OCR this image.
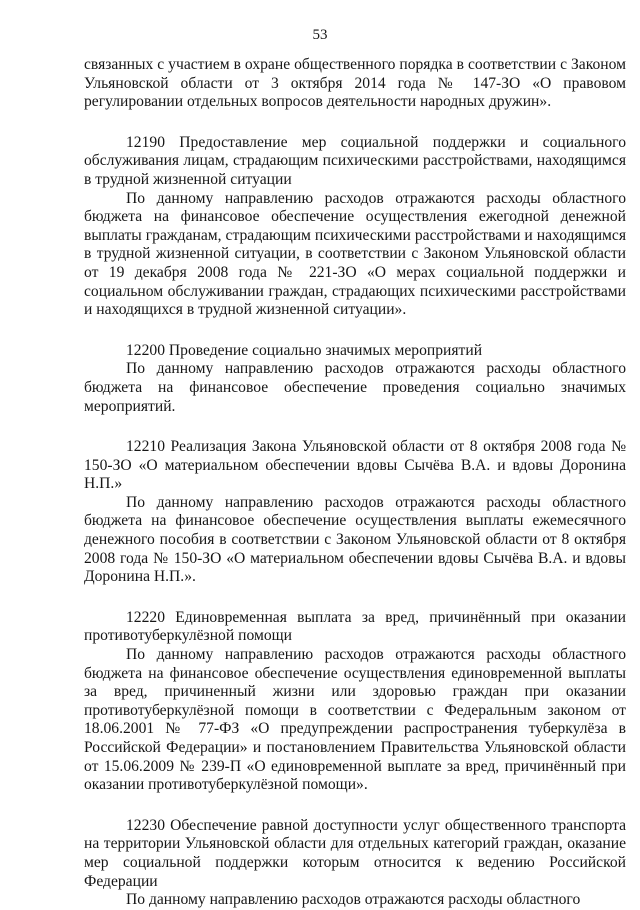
53

связанных с участием в охране общественного порядка в соответствии с Законом Ульяновской области от 3 октября 2014 года № 147-ЗО «О правовом регулировании отдельных вопросов деятельности народных дружин».

12190 Предоставление мер социальной поддержки и социального обслуживания лицам, страдающим психическими расстройствами, находящимся в трудной жизненной ситуации

По данному направлению расходов отражаются расходы областного бюджета на финансовое обеспечение осуществления ежегодной денежной выплаты гражданам, страдающим психическими расстройствами и находящимся в трудной жизненной ситуации, в соответствии с Законом Ульяновской области от 19 декабря 2008 года № 221-ЗО «О мерах социальной поддержки и социальном обслуживании граждан, страдающих психическими расстройствами и находящихся в трудной жизненной ситуации».

12200 Проведение социально значимых мероприятий

По данному направлению расходов отражаются расходы областного бюджета на финансовое обеспечение проведения социально значимых мероприятий.

12210 Реализация Закона Ульяновской области от 8 октября 2008 года № 150-ЗО «О материальном обеспечении вдовы Сычёва В.А. и вдовы Доронина Н.П.»

По данному направлению расходов отражаются расходы областного бюджета на финансовое обеспечение осуществления выплаты ежемесячного денежного пособия в соответствии с Законом Ульяновской области от 8 октября 2008 года № 150-ЗО «О материальном обеспечении вдовы Сычёва В.А. и вдовы Доронина Н.П.».

12220 Единовременная выплата за вред, причинённый при оказании противотуберкулёзной помощи

По данному направлению расходов отражаются расходы областного бюджета на финансовое обеспечение осуществления единовременной выплаты за вред, причиненный жизни или здоровью граждан при оказании противотуберкулёзной помощи в соответствии с Федеральным законом от 18.06.2001 № 77-ФЗ «О предупреждении распространения туберкулёза в Российской Федерации» и постановлением Правительства Ульяновской области от 15.06.2009 № 239-П «О единовременной выплате за вред, причинённый при оказании противотуберкулёзной помощи».

12230 Обеспечение равной доступности услуг общественного транспорта на территории Ульяновской области для отдельных категорий граждан, оказание мер социальной поддержки которым относится к ведению Российской Федерации

По данному направлению расходов отражаются расходы областного
